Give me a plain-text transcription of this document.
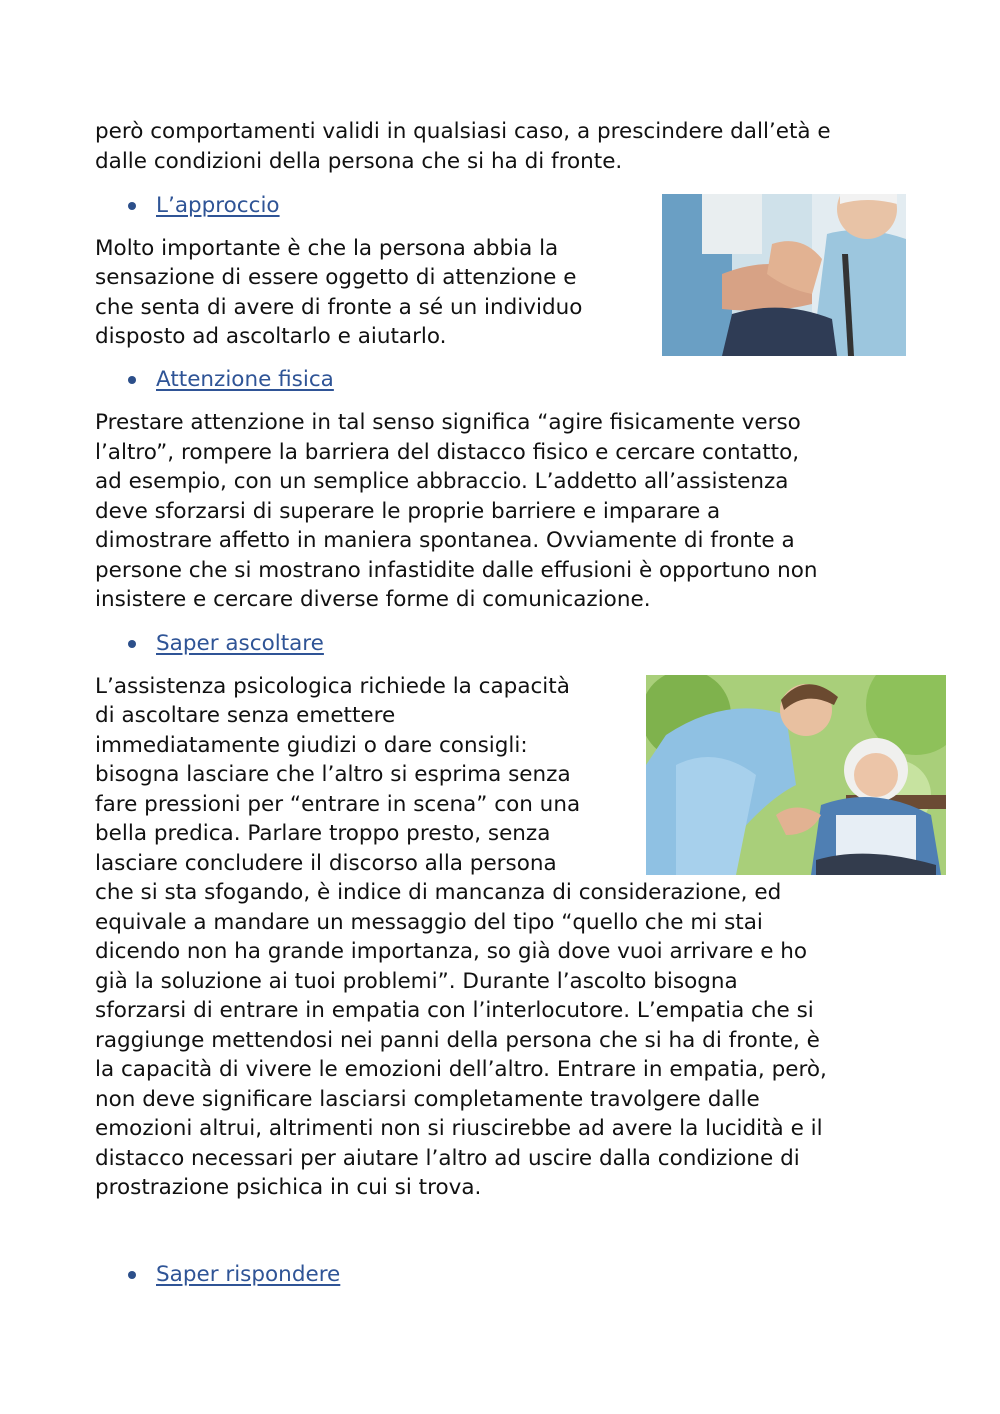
però comportamenti validi in qualsiasi caso, a prescindere dall’età e

dalle condizioni della persona che si ha di fronte.

L’approccio

Molto importante è che la persona abbia la

sensazione di essere oggetto di attenzione e

che senta di avere di fronte a sé un individuo

disposto ad ascoltarlo e aiutarlo.

Attenzione fisica

Prestare attenzione in tal senso significa “agire fisicamente verso

l’altro”, rompere la barriera del distacco fisico e cercare contatto,

ad esempio, con un semplice abbraccio. L’addetto all’assistenza

deve sforzarsi di superare le proprie barriere e imparare a

dimostrare affetto in maniera spontanea. Ovviamente di fronte a

persone che si mostrano infastidite dalle effusioni è opportuno non

insistere e cercare diverse forme di comunicazione.

Saper ascoltare

L’assistenza psicologica richiede la capacità

di ascoltare senza emettere

immediatamente giudizi o dare consigli:

bisogna lasciare che l’altro si esprima senza

fare pressioni per “entrare in scena” con una

bella predica. Parlare troppo presto, senza

lasciare concludere il discorso alla persona

che si sta sfogando, è indice di mancanza di considerazione, ed

equivale a mandare un messaggio del tipo “quello che mi stai

dicendo non ha grande importanza, so già dove vuoi arrivare e ho

già la soluzione ai tuoi problemi”. Durante l’ascolto bisogna

sforzarsi di entrare in empatia con l’interlocutore. L’empatia che si

raggiunge mettendosi nei panni della persona che si ha di fronte, è

la capacità di vivere le emozioni dell’altro. Entrare in empatia, però,

non deve significare lasciarsi completamente travolgere dalle

emozioni altrui, altrimenti non si riuscirebbe ad avere la lucidità e il

distacco necessari per aiutare l’altro ad uscire dalla condizione di

prostrazione psichica in cui si trova.

Saper rispondere
